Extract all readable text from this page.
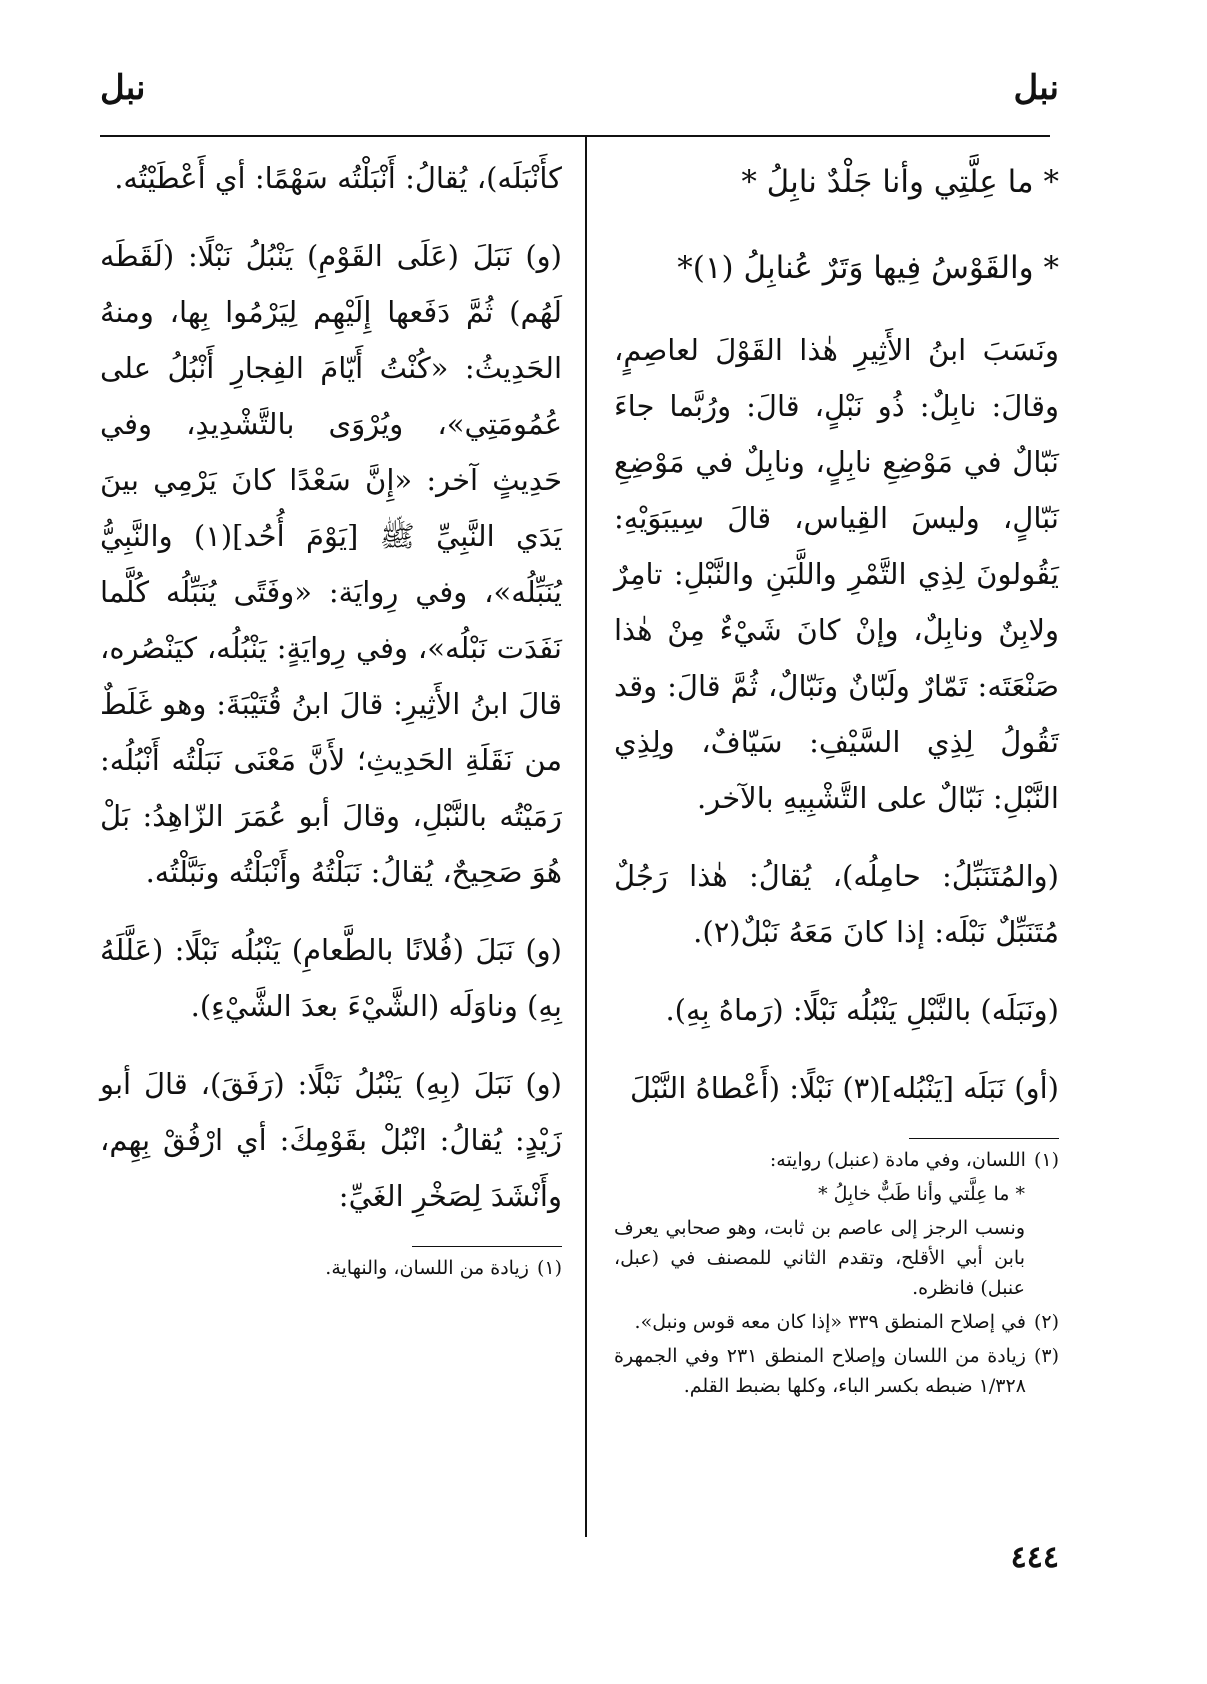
نبل
نبل

* ما عِلَّتِي وأنا جَلْدٌ نابِلُ *

* والقَوْسُ فِيها وَتَرٌ عُنابِلُ (١)*

ونَسَبَ ابنُ الأَثِيرِ هٰذا القَوْلَ لعاصِمٍ، وقالَ: نابِلٌ: ذُو نَبْلٍ، قالَ: ورُبَّما جاءَ نَبّالٌ في مَوْضِعِ نابِلٍ، ونابِلٌ في مَوْضِعِ نَبّالٍ، وليسَ القِياس، قالَ سِيبَوَيْهِ: يَقُولونَ لِذِي التَّمْرِ واللَّبَنِ والنَّبْلِ: تامِرٌ ولابِنٌ ونابِلٌ، وإنْ كانَ شَيْءٌ مِنْ هٰذا صَنْعَتَه: تَمّارٌ ولَبّانٌ ونَبّالٌ، ثُمَّ قالَ: وقد تَقُولُ لِذِي السَّيْفِ: سَيّافٌ، ولِذِي النَّبْلِ: نَبّالٌ على التَّشْبِيهِ بالآخر.

(والمُتَنَبِّلُ: حامِلُه)، يُقالُ: هٰذا رَجُلٌ مُتَنَبِّلٌ نَبْلَه: إذا كانَ مَعَهُ نَبْلٌ(٢).

(ونَبَلَه) بالنَّبْلِ يَنْبُلُه نَبْلًا: (رَماهُ بِهِ).

(أو) نَبَلَه [يَنْبُله](٣) نَبْلًا: (أَعْطاهُ النَّبْلَ

(١)
اللسان، وفي مادة (عنبل) روايته:
* ما عِلَّتي وأنا طَبٌّ خابِلُ *
ونسب الرجز إلى عاصم بن ثابت، وهو صحابي يعرف بابن أبي الأقلح، وتقدم الثاني للمصنف في (عبل، عنبل) فانظره.
(٢)
في إصلاح المنطق ٣٣٩ «إذا كان معه قوس ونبل».
(٣)
زيادة من اللسان وإصلاح المنطق ٢٣١ وفي الجمهرة ١/٣٢٨ ضبطه بكسر الباء، وكلها بضبط القلم.

كأَنْبَلَه)، يُقالُ: أَنْبَلْتُه سَهْمًا: أي أَعْطَيْتُه.

(و) نَبَلَ (عَلَى القَوْمِ) يَنْبُلُ نَبْلًا: (لَقَطَه لَهُم) ثُمَّ دَفَعها إِلَيْهِم لِيَرْمُوا بِها، ومنهُ الحَدِيثُ: «كُنْتُ أَيّامَ الفِجارِ أَنْبُلُ على عُمُومَتِي»، ويُرْوَى بالتَّشْدِيدِ، وفي حَدِيثٍ آخر: «إِنَّ سَعْدًا كانَ يَرْمِي بينَ يَدَي النَّبِيِّ ﷺ [يَوْمَ أُحُد](١) والنَّبِيُّ يُنَبِّلُه»، وفي رِوايَة: «وفَتًى يُنَبِّلُه كُلَّما نَفَدَت نَبْلُه»، وفي رِوايَةٍ: يَنْبُلُه، كيَنْصُره، قالَ ابنُ الأَثِيرِ: قالَ ابنُ قُتَيْبَةَ: وهو غَلَطٌ من نَقَلَةِ الحَدِيثِ؛ لأَنَّ مَعْنَى نَبَلْتُه أَنْبُلُه: رَمَيْتُه بالنَّبْلِ، وقالَ أبو عُمَرَ الزّاهِدُ: بَلْ هُوَ صَحِيحٌ، يُقالُ: نَبَلْتُهُ وأَنْبَلْتُه ونَبَّلْتُه.

(و) نَبَلَ (فُلانًا بالطَّعامِ) يَنْبُلُه نَبْلًا: (عَلَّلَهُ بِهِ) وناوَلَه (الشَّيْءَ بعدَ الشَّيْءِ).

(و) نَبَلَ (بِهِ) يَنْبُلُ نَبْلًا: (رَفَقَ)، قالَ أبو زَيْدٍ: يُقالُ: انْبُلْ بقَوْمِكَ: أي ارْفُقْ بِهِم، وأَنْشَدَ لِصَخْرِ الغَيِّ:

(١)
زيادة من اللسان، والنهاية.
٤٤٤
